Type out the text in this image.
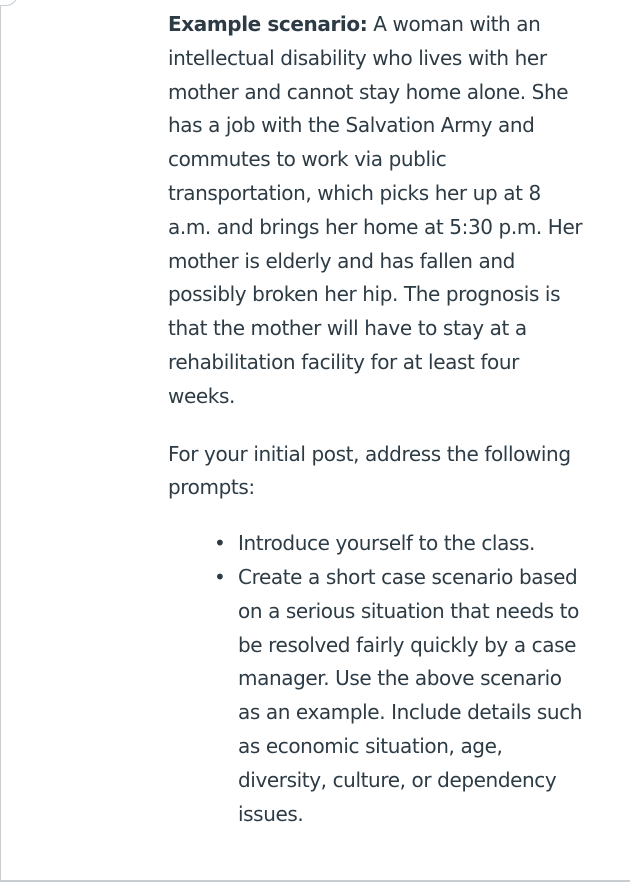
Example scenario: A woman with an intellectual disability who lives with her mother and cannot stay home alone. She has a job with the Salvation Army and commutes to work via public transportation, which picks her up at 8 a.m. and brings her home at 5:30 p.m. Her mother is elderly and has fallen and possibly broken her hip. The prognosis is that the mother will have to stay at a rehabilitation facility for at least four weeks.

For your initial post, address the following prompts:

• Introduce yourself to the class.
• Create a short case scenario based on a serious situation that needs to be resolved fairly quickly by a case manager. Use the above scenario as an example. Include details such as economic situation, age, diversity, culture, or dependency issues.
